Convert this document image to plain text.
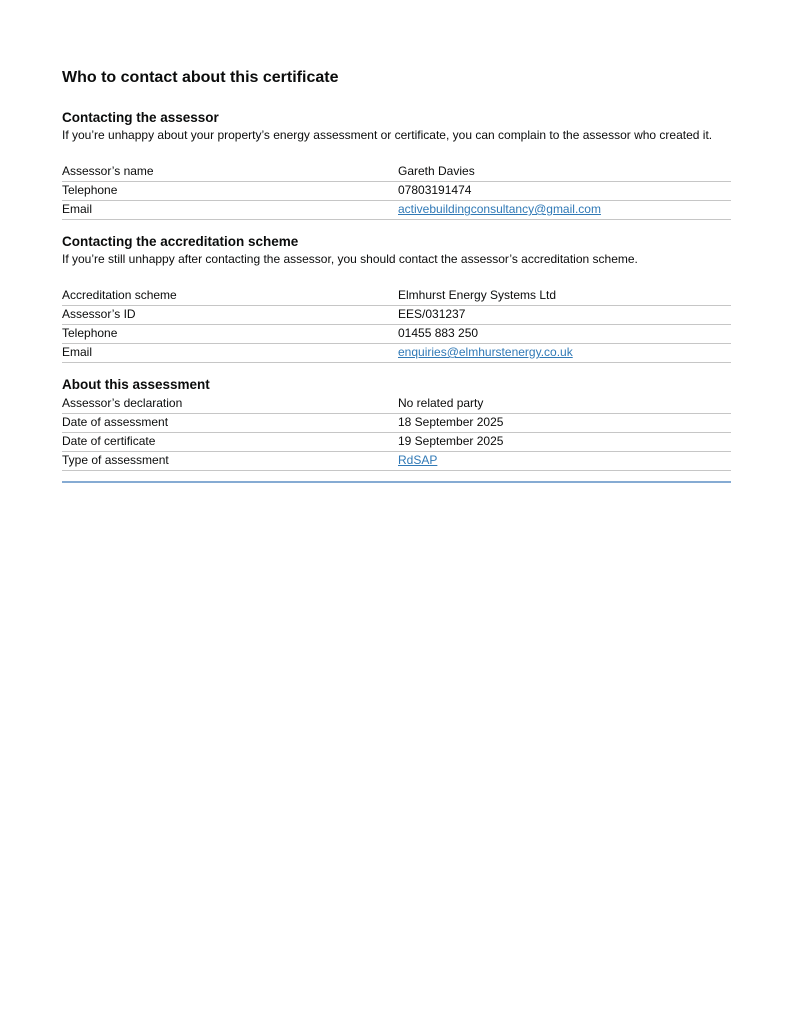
Who to contact about this certificate
Contacting the assessor

If you’re unhappy about your property’s energy assessment or certificate, you can complain to the assessor who created it.

Assessor’s name	Gareth Davies
Telephone	07803191474
Email	activebuildingconsultancy@gmail.com
Contacting the accreditation scheme

If you’re still unhappy after contacting the assessor, you should contact the assessor’s accreditation scheme.

Accreditation scheme	Elmhurst Energy Systems Ltd
Assessor’s ID	EES/031237
Telephone	01455 883 250
Email	enquiries@elmhurstenergy.co.uk
About this assessment
Assessor’s declaration	No related party
Date of assessment	18 September 2025
Date of certificate	19 September 2025
Type of assessment	RdSAP
